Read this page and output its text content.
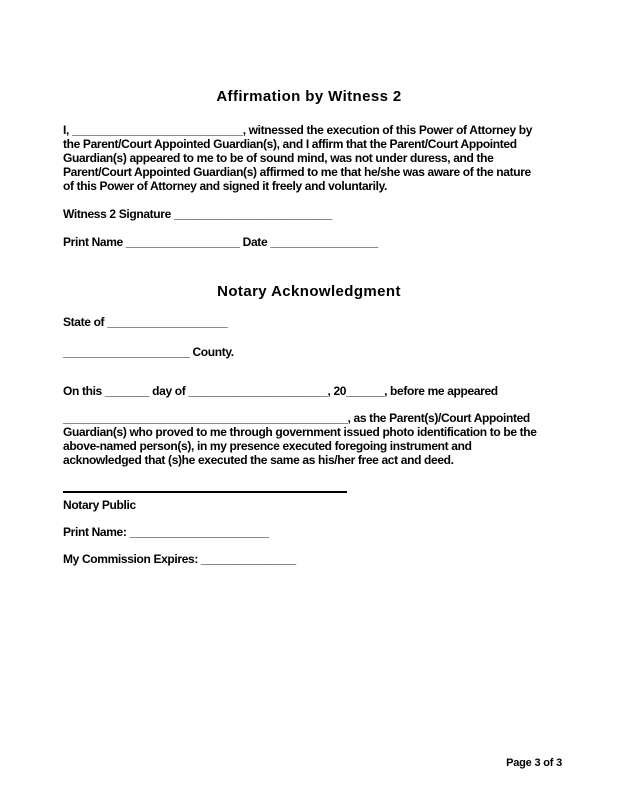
Affirmation by Witness 2
I, ___________________________, witnessed the execution of this Power of Attorney by
the Parent/Court Appointed Guardian(s), and I affirm that the Parent/Court Appointed
Guardian(s) appeared to me to be of sound mind, was not under duress, and the
Parent/Court Appointed Guardian(s) affirmed to me that he/she was aware of the nature
of this Power of Attorney and signed it freely and voluntarily.
Witness 2 Signature _________________________
Print Name __________________ Date _________________
Notary Acknowledgment
State of ___________________
____________________ County.
On this _______ day of ______________________, 20______, before me appeared
_____________________________________________, as the Parent(s)/Court Appointed
Guardian(s) who proved to me through government issued photo identification to be the
above-named person(s), in my presence executed foregoing instrument and
acknowledged that (s)he executed the same as his/her free act and deed.
Notary Public
Print Name: ______________________
My Commission Expires: _______________
Page 3 of 3
